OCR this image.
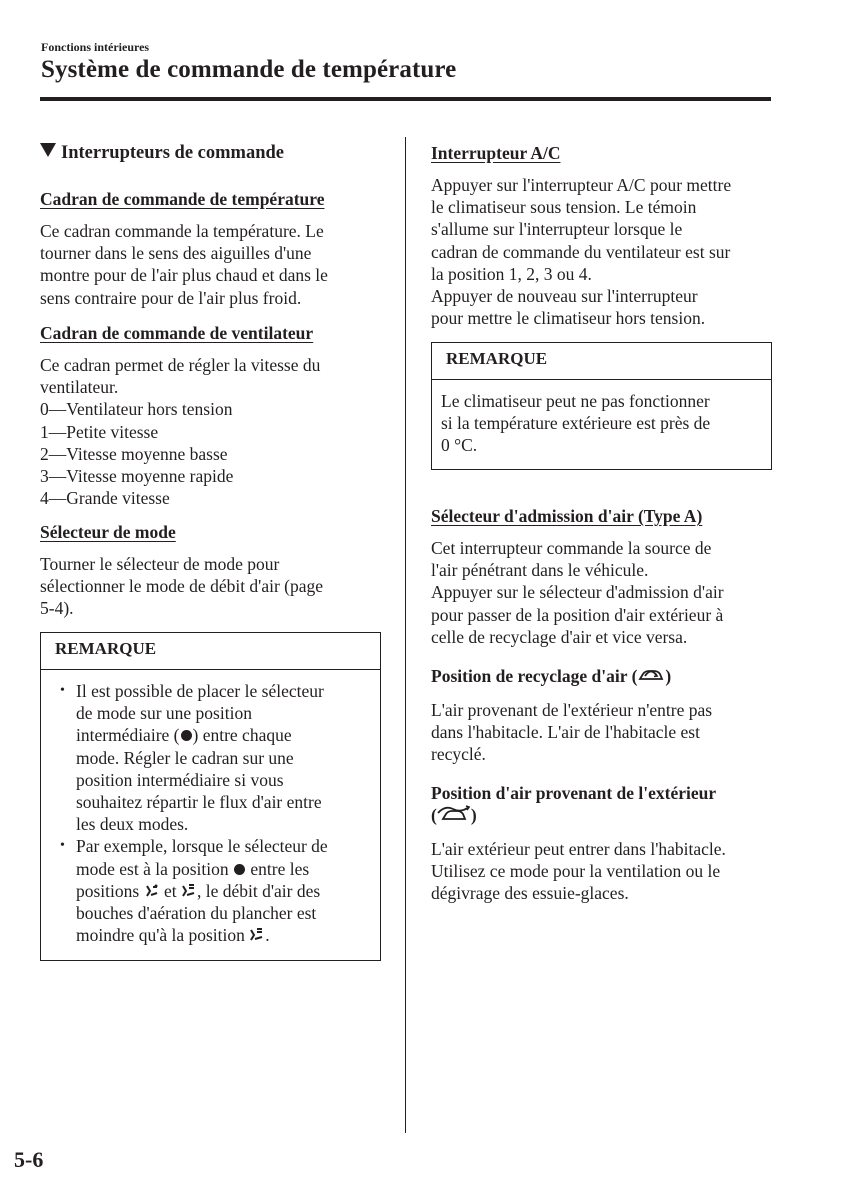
Fonctions intérieures
Système de commande de température
Interrupteurs de commande
Cadran de commande de température
Ce cadran commande la température. Le
tourner dans le sens des aiguilles d'une
montre pour de l'air plus chaud et dans le
sens contraire pour de l'air plus froid.
Cadran de commande de ventilateur
Ce cadran permet de régler la vitesse du
ventilateur.
0—Ventilateur hors tension
1—Petite vitesse
2—Vitesse moyenne basse
3—Vitesse moyenne rapide
4—Grande vitesse
Sélecteur de mode
Tourner le sélecteur de mode pour
sélectionner le mode de débit d'air (page
5-4).
REMARQUE
• Il est possible de placer le sélecteur
de mode sur une position
intermédiaire ( ) entre chaque
mode. Régler le cadran sur une
position intermédiaire si vous
souhaitez répartir le flux d'air entre
les deux modes.
• Par exemple, lorsque le sélecteur de
mode est à la position entre les
positions et , le débit d'air des
bouches d'aération du plancher est
moindre qu'à la position .
Interrupteur A/C
Appuyer sur l'interrupteur A/C pour mettre
le climatiseur sous tension. Le témoin
s'allume sur l'interrupteur lorsque le
cadran de commande du ventilateur est sur
la position 1, 2, 3 ou 4.
Appuyer de nouveau sur l'interrupteur
pour mettre le climatiseur hors tension.
REMARQUE
Le climatiseur peut ne pas fonctionner
si la température extérieure est près de
0 °C.
Sélecteur d'admission d'air (Type A)
Cet interrupteur commande la source de
l'air pénétrant dans le véhicule.
Appuyer sur le sélecteur d'admission d'air
pour passer de la position d'air extérieur à
celle de recyclage d'air et vice versa.
Position de recyclage d'air ( )
L'air provenant de l'extérieur n'entre pas
dans l'habitacle. L'air de l'habitacle est
recyclé.
Position d'air provenant de l'extérieur
( )
L'air extérieur peut entrer dans l'habitacle.
Utilisez ce mode pour la ventilation ou le
dégivrage des essuie-glaces.
5-6
